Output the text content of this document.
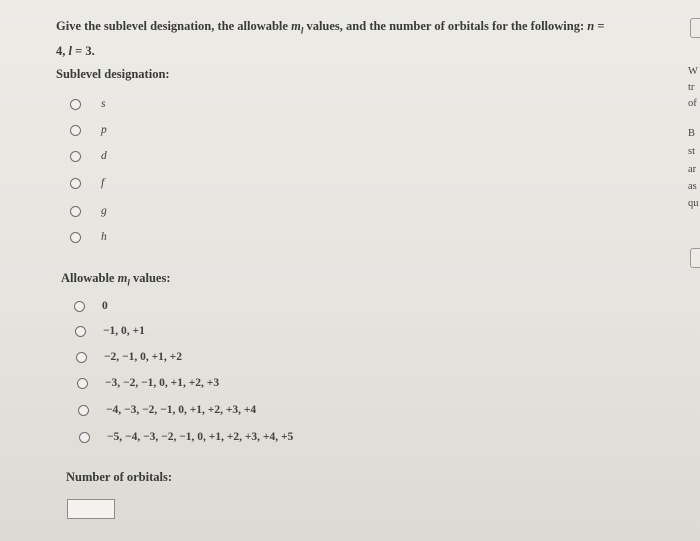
Give the sublevel designation, the allowable $m_l$ values, and the number of orbitals for the following: n =
4, l = 3.
Sublevel designation:
s
p
d
f
g
h
Allowable $m_l$ values:
0
−1, 0, +1
−2, −1, 0, +1, +2
−3, −2, −1, 0, +1, +2, +3
−4, −3, −2, −1, 0, +1, +2, +3, +4
−5, −4, −3, −2, −1, 0, +1, +2, +3, +4, +5
Number of orbitals:
W
tr
of
B
st
ar
as
qu
